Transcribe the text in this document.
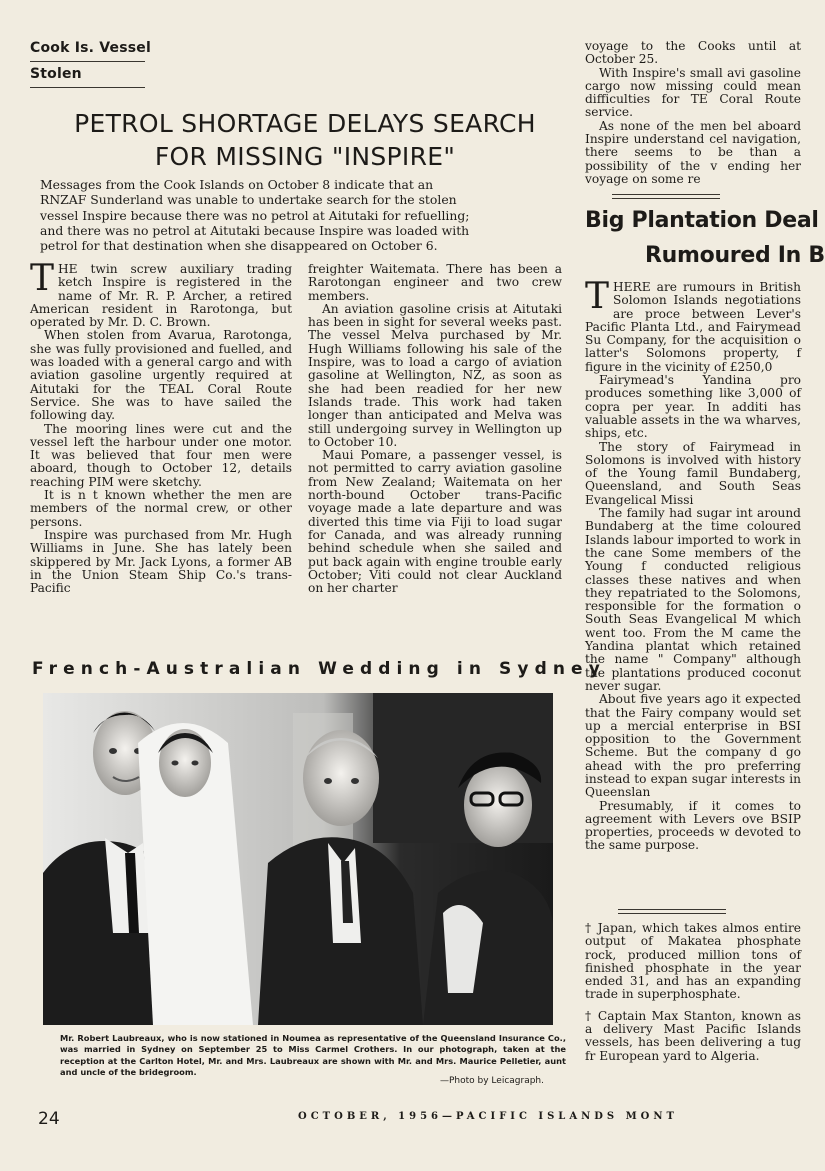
Cook Is. Vessel
Stolen
PETROL SHORTAGE DELAYS SEARCH
FOR MISSING "INSPIRE"

Messages from the Cook Islands on October 8 indicate that an

RNZAF Sunderland was unable to undertake search for the stolen

vessel Inspire because there was no petrol at Aitutaki for refuelling;

and there was no petrol at Aitutaki because Inspire was loaded with

petrol for that destination when she disappeared on October 6.

THE twin screw auxiliary trading ketch Inspire is registered in the name of Mr. R. P. Archer, a retired American resident in Rarotonga, but operated by Mr. D. C. Brown.

When stolen from Avarua, Rarotonga, she was fully provisioned and fuelled, and was loaded with a general cargo and with aviation gasoline urgently required at Aitutaki for the TEAL Coral Route Service. She was to have sailed the following day.

The mooring lines were cut and the vessel left the harbour under one motor. It was believed that four men were aboard, though to October 12, details reaching PIM were sketchy.

It is n t known whether the men are members of the normal crew, or other persons.

Inspire was purchased from Mr. Hugh Williams in June. She has lately been skippered by Mr. Jack Lyons, a former AB in the Union Steam Ship Co.'s trans-Pacific

freighter Waitemata. There has been a Rarotongan engineer and two crew members.

An aviation gasoline crisis at Aitutaki has been in sight for several weeks past. The vessel Melva purchased by Mr. Hugh Williams following his sale of the Inspire, was to load a cargo of aviation gasoline at Wellington, NZ, as soon as she had been readied for her new Islands trade. This work had taken longer than anticipated and Melva was still undergoing survey in Wellington up to October 10.

Maui Pomare, a passenger vessel, is not permitted to carry aviation gasoline from New Zealand; Waitemata on her north-bound October trans-Pacific voyage made a late departure and was diverted this time via Fiji to load sugar for Canada, and was already running behind schedule when she sailed and put back again with engine trouble early October; Viti could not clear Auckland on her charter

French-Australian Wedding in Sydney
Mr. Robert Laubreaux, who is now stationed in Noumea as representative of the Queensland Insurance Co., was married in Sydney on September 25 to Miss Carmel Crothers. In our photograph, taken at the reception at the Carlton Hotel, Mr. and Mrs. Laubreaux are shown with Mr. and Mrs. Maurice Pelletier, aunt and uncle of the bridegroom.
—Photo by Leicagraph.

voyage to the Cooks until at October 25.

With Inspire's small avi gasoline cargo now missing could mean difficulties for TE Coral Route service.

As none of the men bel aboard Inspire understand cel navigation, there seems to be than a possibility of the v ending her voyage on some re

Big Plantation Deal
Rumoured In B

THERE are rumours in British Solomon Islands negotiations are proce between Lever's Pacific Planta Ltd., and Fairymead Su Company, for the acquisition o latter's Solomons property, f figure in the vicinity of £250,0

Fairymead's Yandina pro produces something like 3,000 of copra per year. In additi has valuable assets in the wa wharves, ships, etc.

The story of Fairymead in Solomons is involved with history of the Young famil Bundaberg, Queensland, and South Seas Evangelical Missi

The family had sugar int around Bundaberg at the time coloured Islands labour imported to work in the cane Some members of the Young f conducted religious classes these natives and when they repatriated to the Solomons, responsible for the formation o South Seas Evangelical M which went too. From the M came the Yandina plantat which retained the name " Company" although the plantations produced coconut never sugar.

About five years ago it expected that the Fairy company would set up a mercial enterprise in BSI opposition to the Government Scheme. But the company d go ahead with the pro preferring instead to expan sugar interests in Queenslan

Presumably, if it comes to agreement with Levers ove BSIP properties, proceeds w devoted to the same purpose.

† Japan, which takes almos entire output of Makatea phosphate rock, produced million tons of finished phosphate in the year ended 31, and has an expanding trade in superphosphate.

† Captain Max Stanton, known as a delivery Mast Pacific Islands vessels, has been delivering a tug fr European yard to Algeria.

24	OCTOBER, 1956—PACIFIC ISLANDS MONT
